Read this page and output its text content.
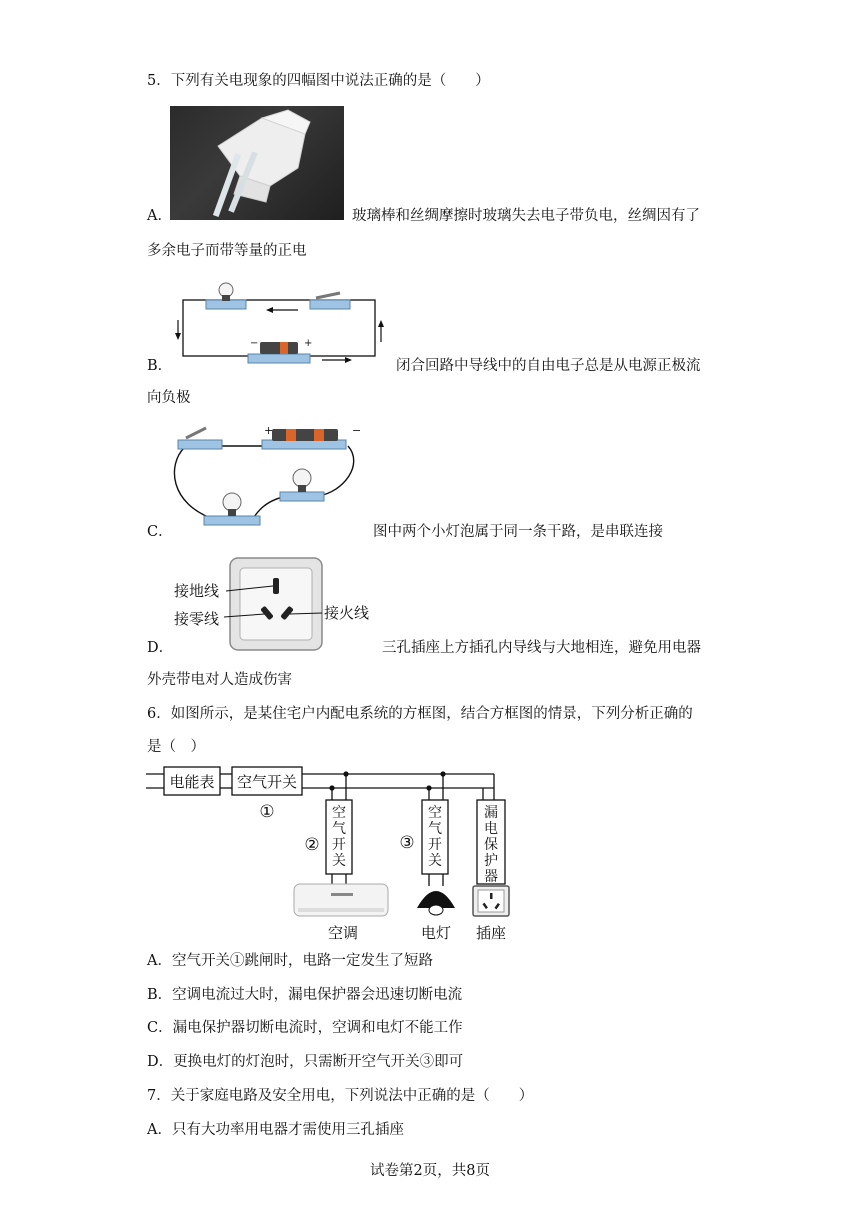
5．下列有关电现象的四幅图中说法正确的是（　　）
A．	玻璃棒和丝绸摩擦时玻璃失去电子带负电，丝绸因有了
多余电子而带等量的正电
−	+
B．	闭合回路中导线中的自由电子总是从电源正极流
向负极
+	−
C．	图中两个小灯泡属于同一条干路，是串联连接
接地线
接零线	接火线
D．	三孔插座上方插孔内导线与大地相连，避免用电器
外壳带电对人造成伤害
6．如图所示，是某住宅户内配电系统的方框图，结合方框图的情景，下列分析正确的
是（　）
电能表 空气开关
①	空
气
开
关
②
空调
空
气
开
关
③
电灯
漏
电
保
护
器
插座
A．空气开关①跳闸时，电路一定发生了短路
B．空调电流过大时，漏电保护器会迅速切断电流
C．漏电保护器切断电流时，空调和电灯不能工作
D．更换电灯的灯泡时，只需断开空气开关③即可
7．关于家庭电路及安全用电，下列说法中正确的是（　　）
A．只有大功率用电器才需使用三孔插座
试卷第2页，共8页
